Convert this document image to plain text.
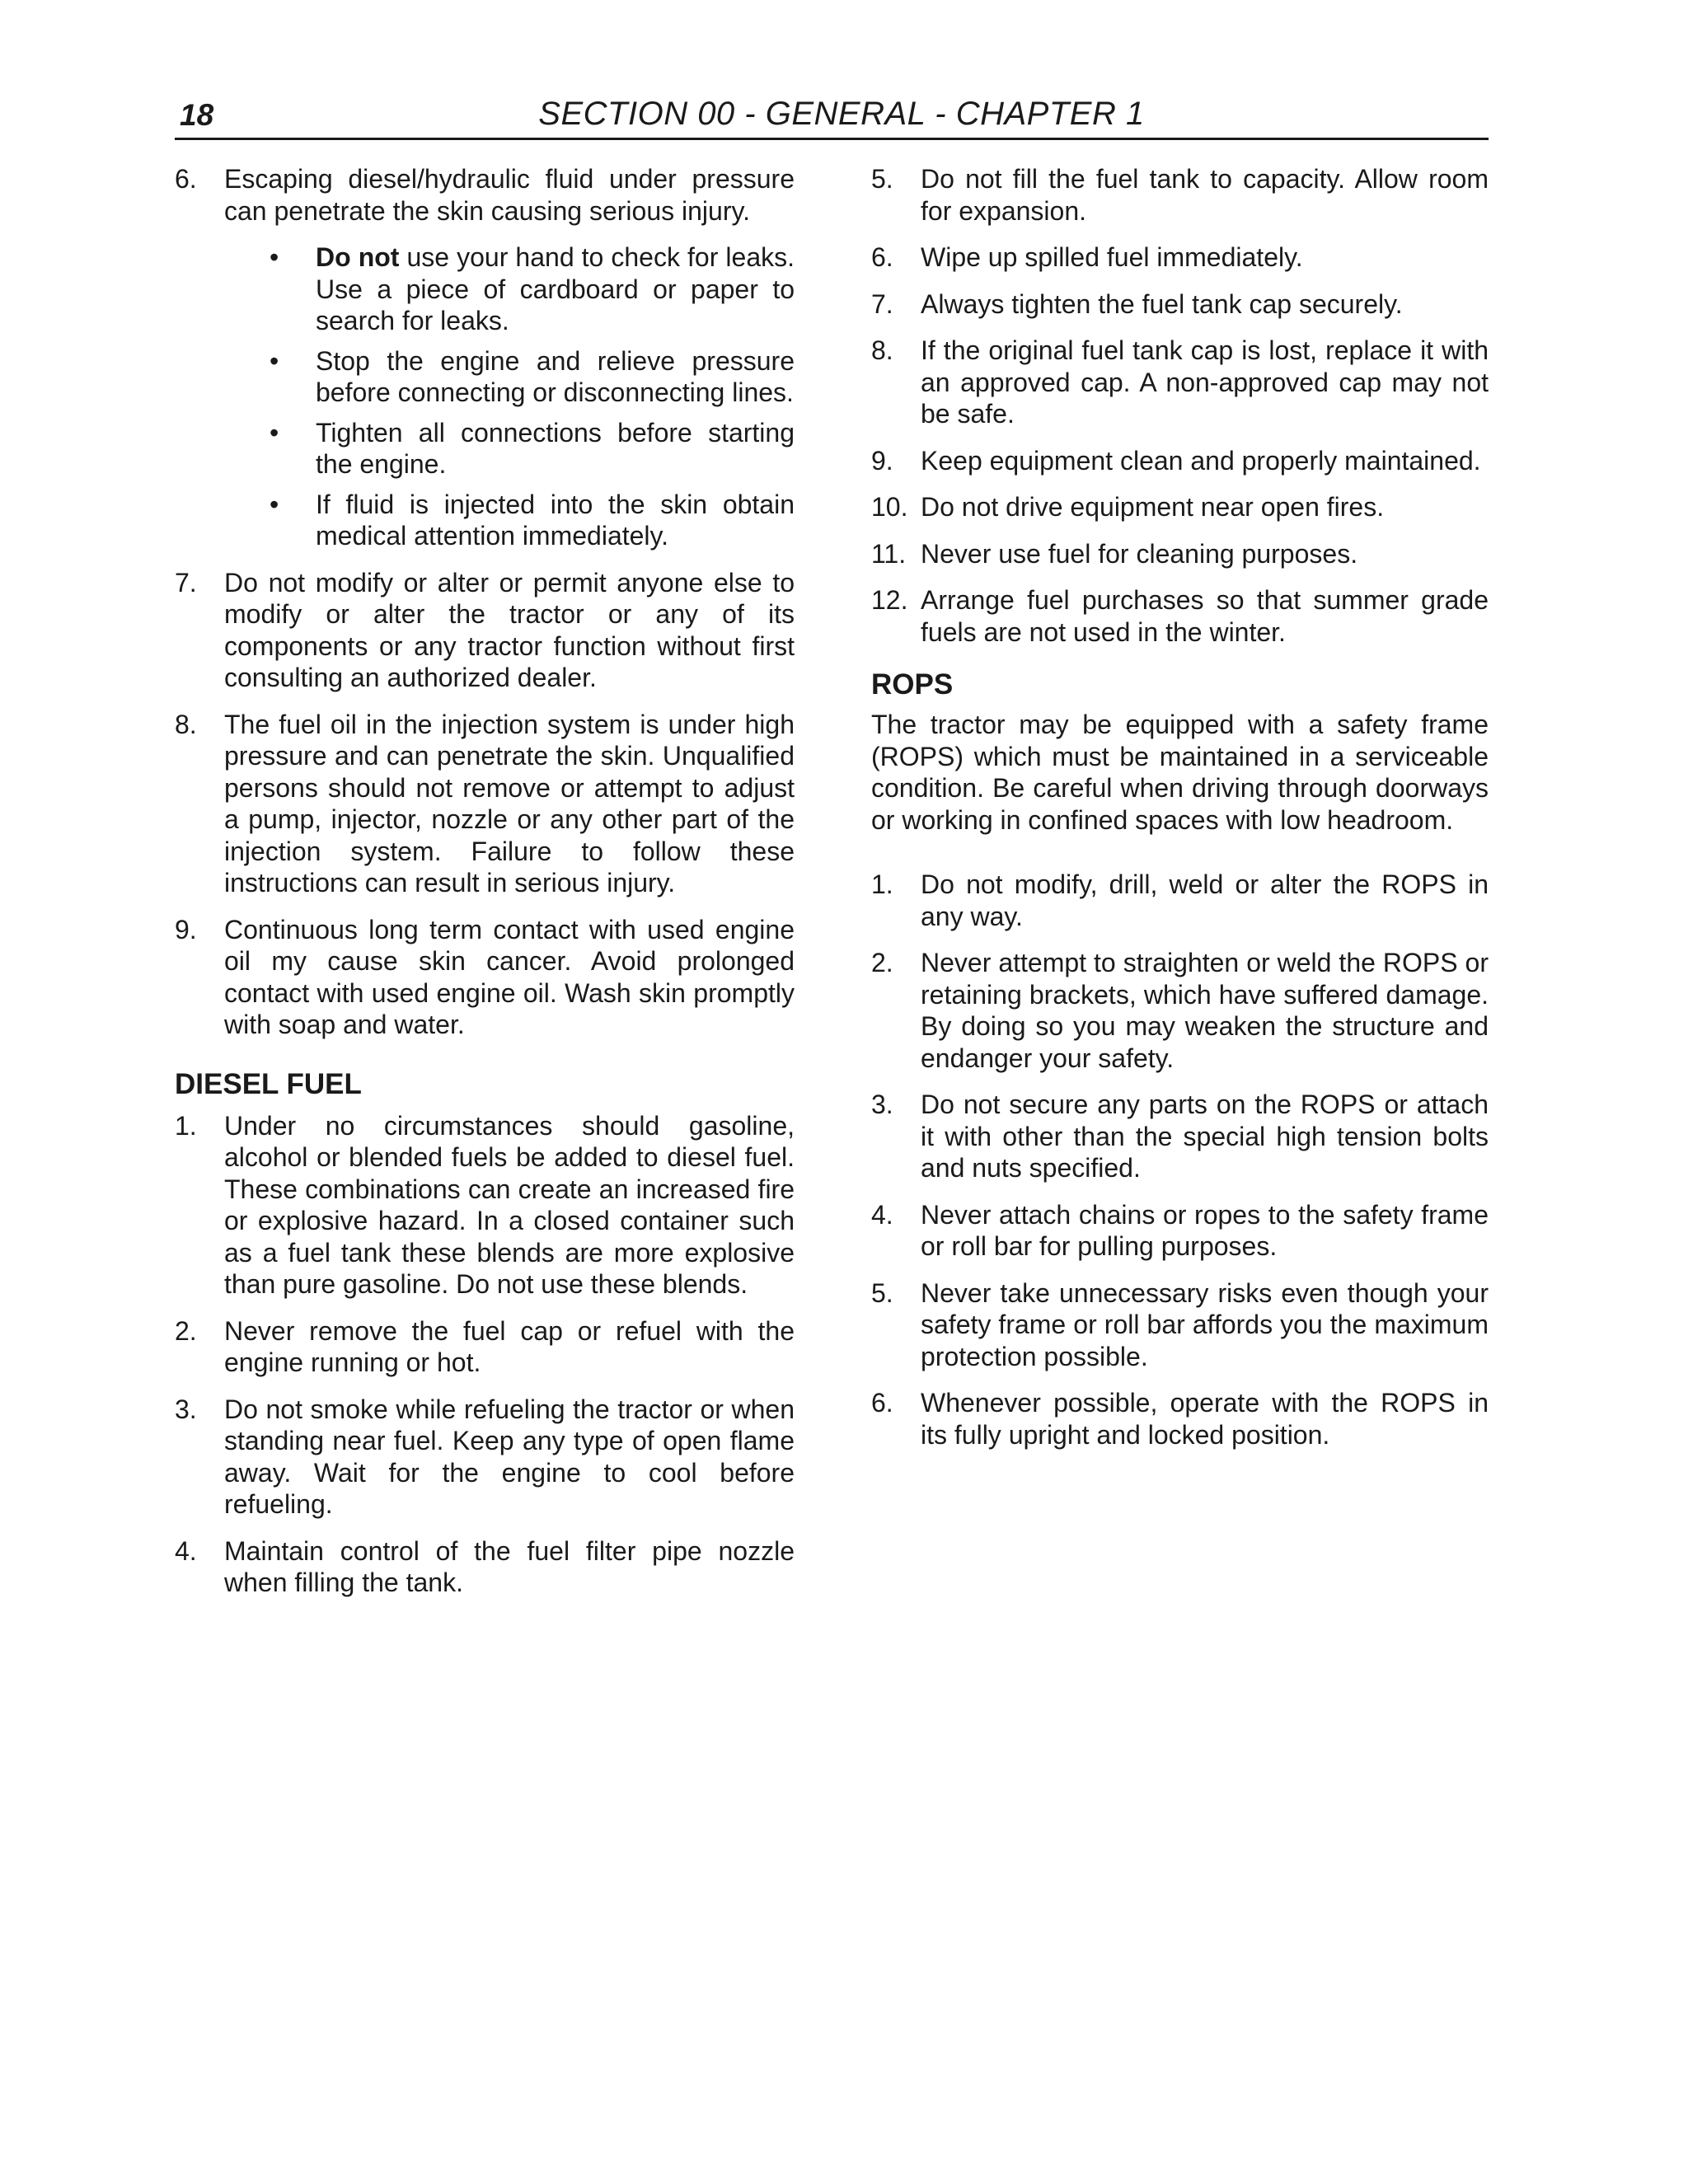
18	SECTION 00 - GENERAL - CHAPTER 1
6.	Escaping diesel/hydraulic fluid under pressure can penetrate the skin causing serious injury.
•	Do not use your hand to check for leaks. Use a piece of cardboard or paper to search for leaks.
•	Stop the engine and relieve pressure before connecting or disconnecting lines.
•	Tighten all connections before starting the engine.
•	If fluid is injected into the skin obtain medical attention immediately.
7.	Do not modify or alter or permit anyone else to modify or alter the tractor or any of its components or any tractor function without first consulting an authorized dealer.
8.	The fuel oil in the injection system is under high pressure and can penetrate the skin. Unqualified persons should not remove or attempt to adjust a pump, injector, nozzle or any other part of the injection system. Failure to follow these instructions can result in serious injury.
9.	Continuous long term contact with used engine oil my cause skin cancer. Avoid prolonged contact with used engine oil. Wash skin promptly with soap and water.
DIESEL FUEL
1.	Under no circumstances should gasoline, alcohol or blended fuels be added to diesel fuel. These combinations can create an increased fire or explosive hazard. In a closed container such as a fuel tank these blends are more explosive than pure gasoline. Do not use these blends.
2.	Never remove the fuel cap or refuel with the engine running or hot.
3.	Do not smoke while refueling the tractor or when standing near fuel. Keep any type of open flame away. Wait for the engine to cool before refueling.
4.	Maintain control of the fuel filter pipe nozzle when filling the tank.
5.	Do not fill the fuel tank to capacity. Allow room for expansion.
6.	Wipe up spilled fuel immediately.
7.	Always tighten the fuel tank cap securely.
8.	If the original fuel tank cap is lost, replace it with an approved cap. A non-approved cap may not be safe.
9.	Keep equipment clean and properly maintained.
10. Do not drive equipment near open fires.
11. Never use fuel for cleaning purposes.
12. Arrange fuel purchases so that summer grade fuels are not used in the winter.
ROPS

The tractor may be equipped with a safety frame (ROPS) which must be maintained in a serviceable condition. Be careful when driving through doorways or working in confined spaces with low headroom.

1.	Do not modify, drill, weld or alter the ROPS in any way.
2.	Never attempt to straighten or weld the ROPS or retaining brackets, which have suffered damage. By doing so you may weaken the structure and endanger your safety.
3.	Do not secure any parts on the ROPS or attach it with other than the special high tension bolts and nuts specified.
4.	Never attach chains or ropes to the safety frame or roll bar for pulling purposes.
5.	Never take unnecessary risks even though your safety frame or roll bar affords you the maximum protection possible.
6.	Whenever possible, operate with the ROPS in its fully upright and locked position.
